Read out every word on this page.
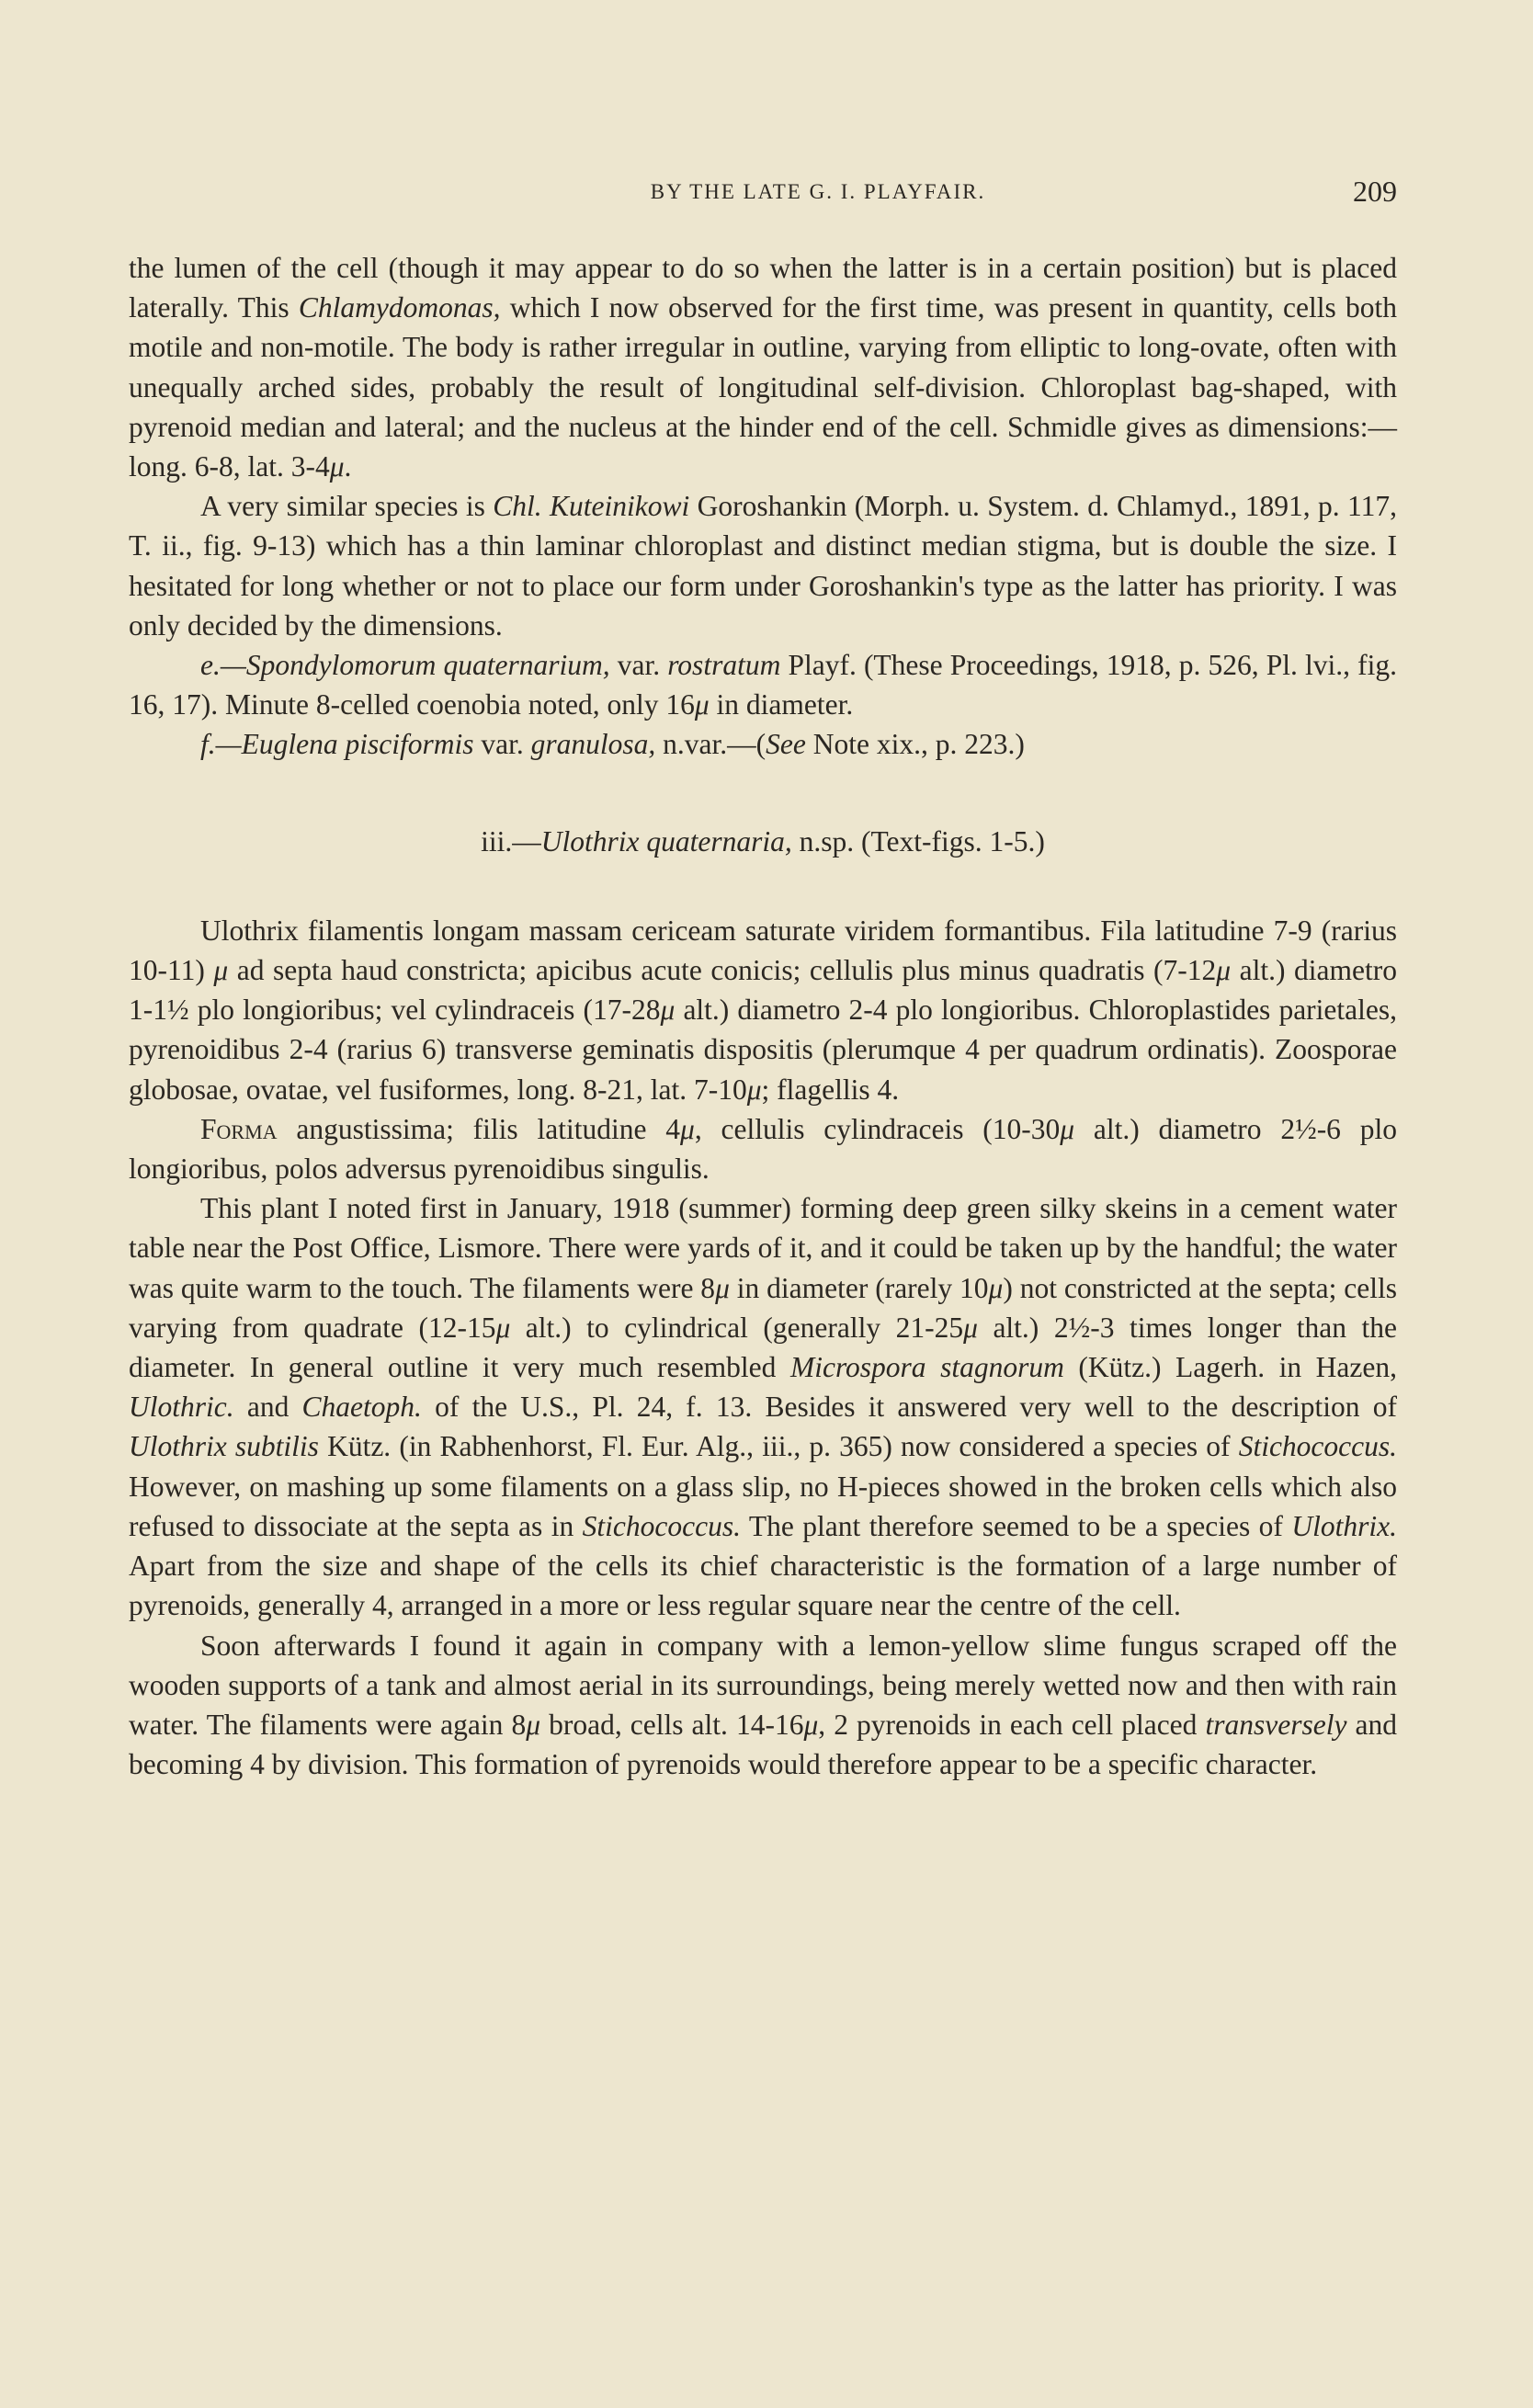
BY THE LATE G. I. PLAYFAIR.	209

the lumen of the cell (though it may appear to do so when the latter is in a certain position) but is placed laterally. This Chlamydomonas, which I now observed for the first time, was present in quantity, cells both motile and non-motile. The body is rather irregular in outline, varying from elliptic to long-ovate, often with unequally arched sides, probably the result of longitudinal self-division. Chloroplast bag-shaped, with pyrenoid median and lateral; and the nucleus at the hinder end of the cell. Schmidle gives as dimensions:—long. 6-8, lat. 3-4μ.

A very similar species is Chl. Kuteinikowi Goroshankin (Morph. u. System. d. Chlamyd., 1891, p. 117, T. ii., fig. 9-13) which has a thin laminar chloroplast and distinct median stigma, but is double the size. I hesitated for long whether or not to place our form under Goroshankin's type as the latter has priority. I was only decided by the dimensions.

e.—Spondylomorum quaternarium, var. rostratum Playf. (These Proceedings, 1918, p. 526, Pl. lvi., fig. 16, 17). Minute 8-celled coenobia noted, only 16μ in diameter.

f.—Euglena pisciformis var. granulosa, n.var.—(See Note xix., p. 223.)

iii.—Ulothrix quaternaria, n.sp. (Text-figs. 1-5.)

Ulothrix filamentis longam massam cericeam saturate viridem formantibus. Fila latitudine 7-9 (rarius 10-11) μ ad septa haud constricta; apicibus acute conicis; cellulis plus minus quadratis (7-12μ alt.) diametro 1-1½ plo longioribus; vel cylindraceis (17-28μ alt.) diametro 2-4 plo longioribus. Chloroplastides parietales, pyrenoidibus 2-4 (rarius 6) transverse geminatis dispositis (plerumque 4 per quadrum ordinatis). Zoosporae globosae, ovatae, vel fusiformes, long. 8-21, lat. 7-10μ; flagellis 4.

Forma angustissima; filis latitudine 4μ, cellulis cylindraceis (10-30μ alt.) diametro 2½-6 plo longioribus, polos adversus pyrenoidibus singulis.

This plant I noted first in January, 1918 (summer) forming deep green silky skeins in a cement water table near the Post Office, Lismore. There were yards of it, and it could be taken up by the handful; the water was quite warm to the touch. The filaments were 8μ in diameter (rarely 10μ) not constricted at the septa; cells varying from quadrate (12-15μ alt.) to cylindrical (generally 21-25μ alt.) 2½-3 times longer than the diameter. In general outline it very much resembled Microspora stagnorum (Kütz.) Lagerh. in Hazen, Ulothric. and Chaetoph. of the U.S., Pl. 24, f. 13. Besides it answered very well to the description of Ulothrix subtilis Kütz. (in Rabhenhorst, Fl. Eur. Alg., iii., p. 365) now considered a species of Stichococcus. However, on mashing up some filaments on a glass slip, no H-pieces showed in the broken cells which also refused to dissociate at the septa as in Stichococcus. The plant therefore seemed to be a species of Ulothrix. Apart from the size and shape of the cells its chief characteristic is the formation of a large number of pyrenoids, generally 4, arranged in a more or less regular square near the centre of the cell.

Soon afterwards I found it again in company with a lemon-yellow slime fungus scraped off the wooden supports of a tank and almost aerial in its surroundings, being merely wetted now and then with rain water. The filaments were again 8μ broad, cells alt. 14-16μ, 2 pyrenoids in each cell placed transversely and becoming 4 by division. This formation of pyrenoids would therefore appear to be a specific character.
